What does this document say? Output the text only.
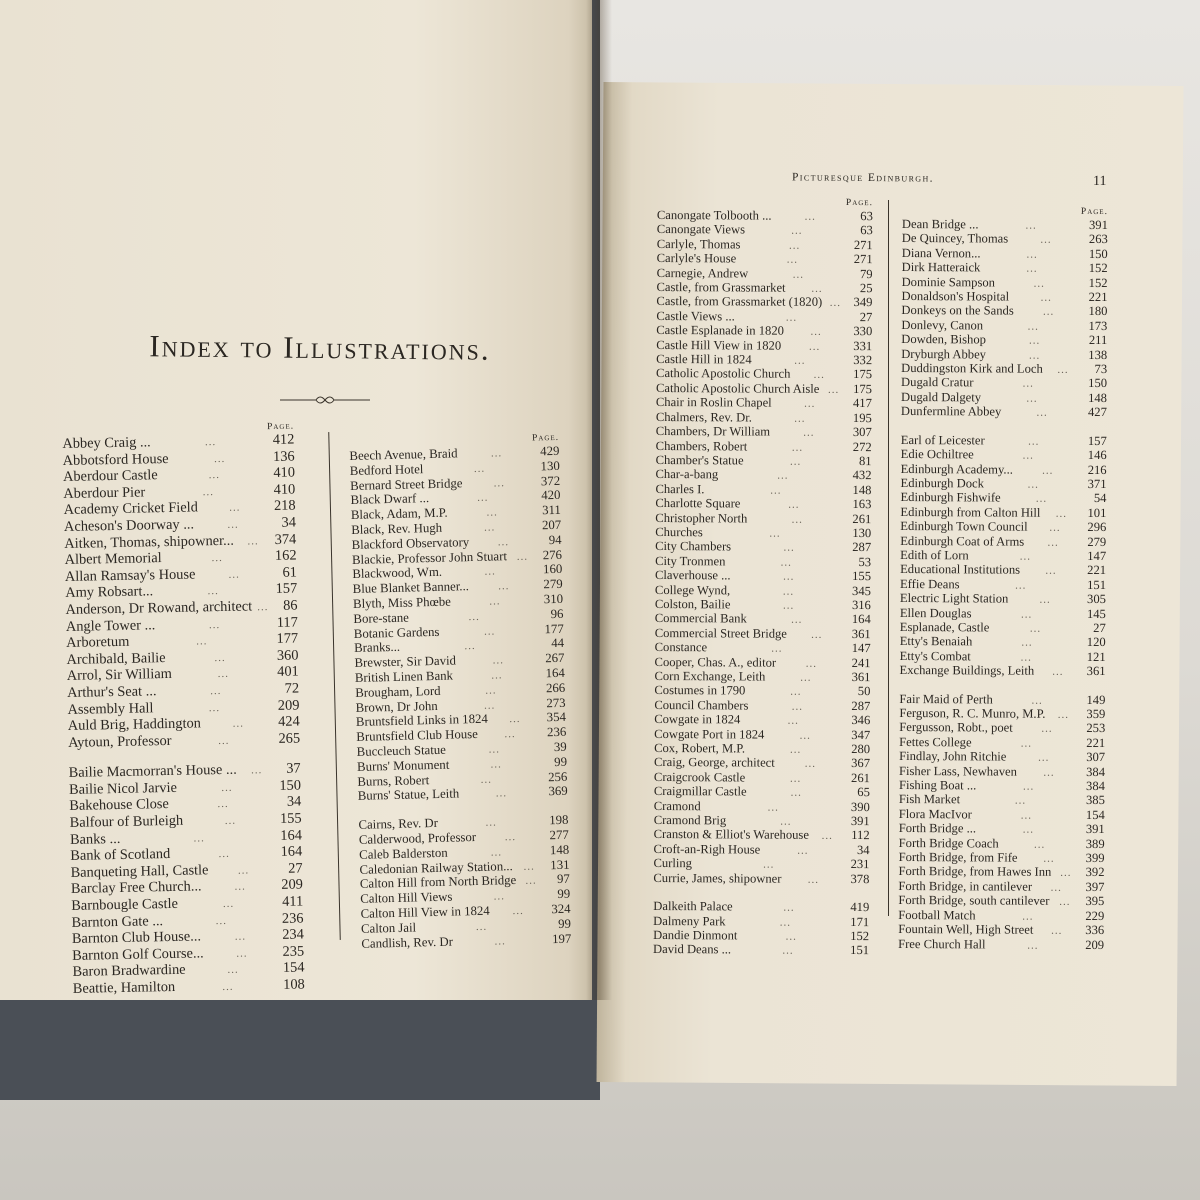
Index to Illustrations.
Page.
Abbey Craig ...	...	412
Abbotsford House	...	136
Aberdour Castle	...	410
Aberdour Pier	...	410
Academy Cricket Field	...	218
Acheson's Doorway ...	...	34
Aitken, Thomas, shipowner...	...	374
Albert Memorial	...	162
Allan Ramsay's House	...	61
Amy Robsart...	...	157
Anderson, Dr Rowand, architect ... 86
Angle Tower ...	...	117
Arboretum	...	177
Archibald, Bailie	...	360
Arrol, Sir William	...	401
Arthur's Seat ...	...	72
Assembly Hall	...	209
Auld Brig, Haddington	...	424
Aytoun, Professor	...	265
Bailie Macmorran's House ...	...	37
Bailie Nicol Jarvie	...	150
Bakehouse Close	...	34
Balfour of Burleigh	...	155
Banks ...	...	164
Bank of Scotland	...	164
Banqueting Hall, Castle	...	27
Barclay Free Church...	...	209
Barnbougle Castle	...	411
Barnton Gate ...	...	236
Barnton Club House...	...	234
Barnton Golf Course...	...	235
Baron Bradwardine	...	154
Beattie, Hamilton	...	108
Page.
Beech Avenue, Braid	...	429
Bedford Hotel	...	130
Bernard Street Bridge	...	372
Black Dwarf ...	...	420
Black, Adam, M.P.	...	311
Black, Rev. Hugh	...	207
Blackford Observatory	...	94
Blackie, Professor John Stuart ...	276
Blackwood, Wm.	...	160
Blue Blanket Banner...	...	279
Blyth, Miss Phœbe	...	310
Bore-stane	...	96
Botanic Gardens	...	177
Branks...	...	44
Brewster, Sir David	...	267
British Linen Bank	...	164
Brougham, Lord	...	266
Brown, Dr John	...	273
Bruntsfield Links in 1824	...	354
Bruntsfield Club House	...	236
Buccleuch Statue	...	39
Burns' Monument	...	99
Burns, Robert	...	256
Burns' Statue, Leith	...	369
Cairns, Rev. Dr	...	198
Calderwood, Professor	...	277
Caleb Balderston	...	148
Caledonian Railway Station... ...	131
Calton Hill from North Bridge ...	97
Calton Hill Views	...	99
Calton Hill View in 1824	...	324
Calton Jail	...	99
Candlish, Rev. Dr	...	197
Picturesque Edinburgh.	11
Page.
Canongate Tolbooth ...	...	63
Canongate Views	...	63
Carlyle, Thomas	...	271
Carlyle's House	...	271
Carnegie, Andrew	...	79
Castle, from Grassmarket	...	25
Castle, from Grassmarket (1820) ... 349
Castle Views ...	...	27
Castle Esplanade in 1820	...	330
Castle Hill View in 1820	...	331
Castle Hill in 1824	...	332
Catholic Apostolic Church	...	175
Catholic Apostolic Church Aisle ...	175
Chair in Roslin Chapel	...	417
Chalmers, Rev. Dr.	...	195
Chambers, Dr William	...	307
Chambers, Robert	...	272
Chamber's Statue	...	81
Char-a-bang	...	432
Charles I.	...	148
Charlotte Square	...	163
Christopher North	...	261
Churches	...	130
City Chambers	...	287
City Tronmen	...	53
Claverhouse ...	...	155
College Wynd,	...	345
Colston, Bailie	...	316
Commercial Bank	...	164
Commercial Street Bridge	...	361
Constance	...	147
Cooper, Chas. A., editor	...	241
Corn Exchange, Leith	...	361
Costumes in 1790	...	50
Council Chambers	...	287
Cowgate in 1824	...	346
Cowgate Port in 1824	...	347
Cox, Robert, M.P.	...	280
Craig, George, architect	...	367
Craigcrook Castle	...	261
Craigmillar Castle	...	65
Cramond	...	390
Cramond Brig	...	391
Cranston & Elliot's Warehouse	...	112
Croft-an-Righ House	...	34
Curling	...	231
Currie, James, shipowner	...	378
Dalkeith Palace	...	419
Dalmeny Park	...	171
Dandie Dinmont	...	152
David Deans ...	...	151
Page.
Dean Bridge ...	...	391
De Quincey, Thomas	...	263
Diana Vernon...	...	150
Dirk Hatteraick	...	152
Dominie Sampson	...	152
Donaldson's Hospital	...	221
Donkeys on the Sands	...	180
Donlevy, Canon	...	173
Dowden, Bishop	...	211
Dryburgh Abbey	...	138
Duddingston Kirk and Loch	...	73
Dugald Cratur	...	150
Dugald Dalgety	...	148
Dunfermline Abbey	...	427
Earl of Leicester	...	157
Edie Ochiltree	...	146
Edinburgh Academy...	...	216
Edinburgh Dock	...	371
Edinburgh Fishwife	...	54
Edinburgh from Calton Hill	...	101
Edinburgh Town Council	...	296
Edinburgh Coat of Arms	...	279
Edith of Lorn	...	147
Educational Institutions	...	221
Effie Deans	...	151
Electric Light Station	...	305
Ellen Douglas	...	145
Esplanade, Castle	...	27
Etty's Benaiah	...	120
Etty's Combat	...	121
Exchange Buildings, Leith	...	361
Fair Maid of Perth	...	149
Ferguson, R. C. Munro, M.P.	...	359
Fergusson, Robt., poet	...	253
Fettes College	...	221
Findlay, John Ritchie	...	307
Fisher Lass, Newhaven	...	384
Fishing Boat ...	...	384
Fish Market	...	385
Flora MacIvor	...	154
Forth Bridge ...	...	391
Forth Bridge Coach	...	389
Forth Bridge, from Fife	...	399
Forth Bridge, from Hawes Inn ...	392
Forth Bridge, in cantilever	...	397
Forth Bridge, south cantilever ...	395
Football Match	...	229
Fountain Well, High Street	...	336
Free Church Hall	...	209
